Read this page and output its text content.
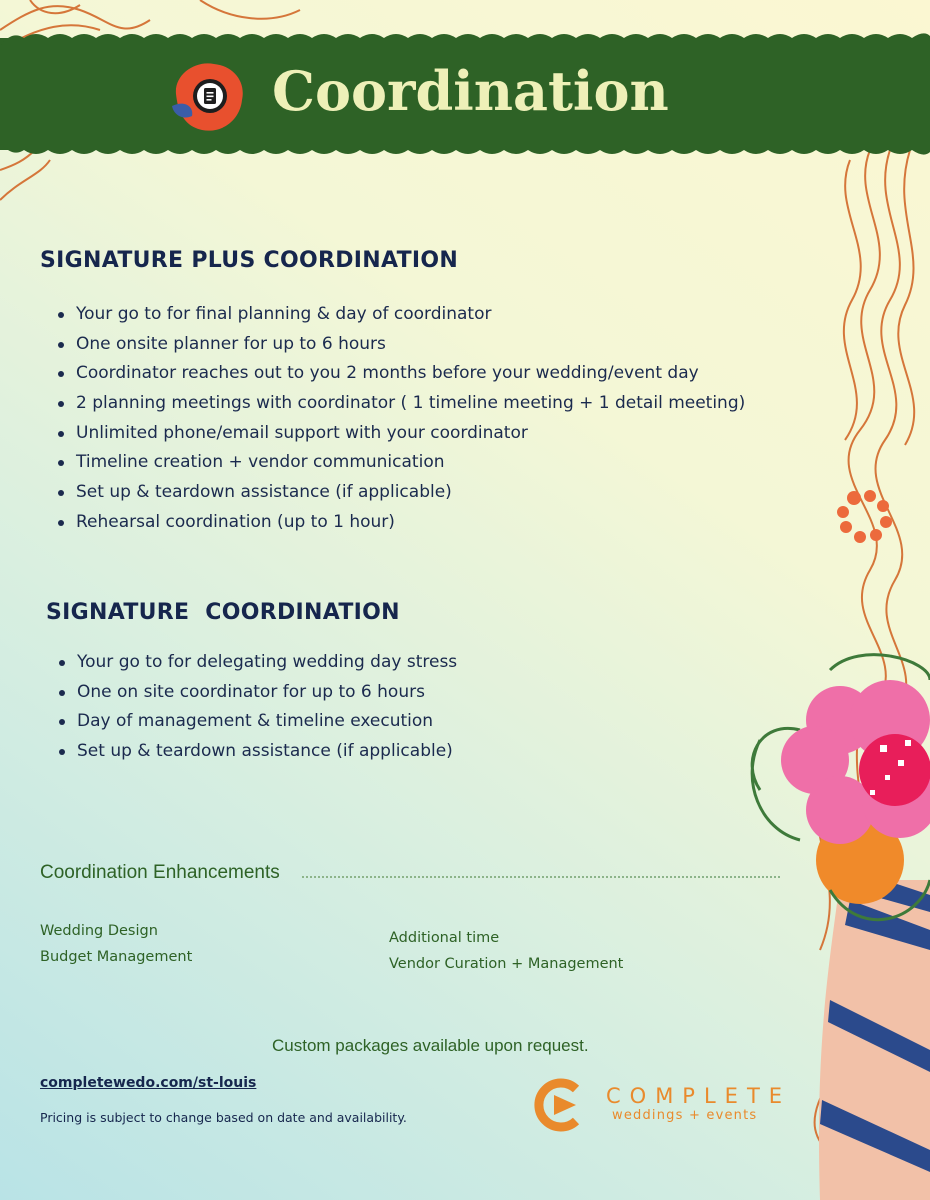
Coordination
SIGNATURE PLUS COORDINATION
Your go to for final planning & day of coordinator
One onsite planner for up to 6 hours
Coordinator reaches out to you 2 months before your wedding/event day
2 planning meetings with coordinator ( 1 timeline meeting + 1 detail meeting)
Unlimited phone/email support with your coordinator
Timeline creation + vendor communication
Set up & teardown assistance (if applicable)
Rehearsal coordination (up to 1 hour)
SIGNATURE  COORDINATION
Your go to for delegating wedding day stress
One on site coordinator for up to 6 hours
Day of management & timeline execution
Set up & teardown assistance (if applicable)
Coordination Enhancements
Wedding Design
Budget Management
Additional time
Vendor Curation + Management
Custom packages available upon request.
completewedo.com/st-louis
Pricing is subject to change based on date and availability.
COMPLETE
weddings + events
